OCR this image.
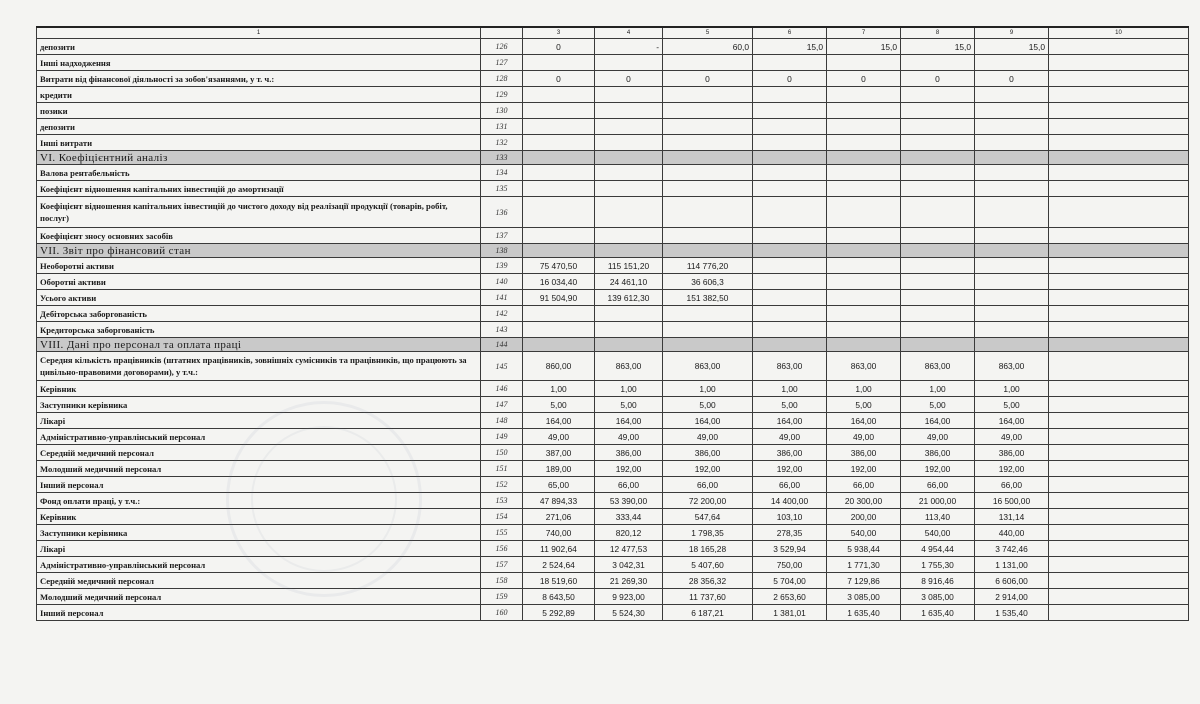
1		3	4	5	6	7	8	9	10
депозити	126	0	-	60,0	15,0	15,0	15,0	15,0	
Інші надходження	127								
Витрати від фінансової діяльності за зобов'язаннями, у т. ч.:	128	0	0	0	0	0	0	0	
кредити	129								
позики	130								
депозити	131								
Інші витрати	132								
VI. Коефіцієнтний аналіз	133								
Валова рентабельність	134								
Коефіцієнт відношення капітальних інвестицій до амортизації	135								
Коефіцієнт відношення капітальних інвестицій до чистого доходу від реалізації продукції (товарів, робіт, послуг)	136								
Коефіцієнт зносу основних засобів	137								
VII. Звіт про фінансовий стан	138								
Необоротні активи	139	75 470,50	115 151,20	114 776,20					
Оборотні активи	140	16 034,40	24 461,10	36 606,3					
Усього активи	141	91 504,90	139 612,30	151 382,50					
Дебіторська заборгованість	142								
Кредиторська заборгованість	143								
VIII. Дані про персонал та оплата праці	144								
Середня кількість працівників (штатних працівників, зовнішніх сумісників та працівників, що працюють за цивільно-правовими договорами), у т.ч.:	145	860,00	863,00	863,00	863,00	863,00	863,00	863,00	
Керівник	146	1,00	1,00	1,00	1,00	1,00	1,00	1,00	
Заступники керівника	147	5,00	5,00	5,00	5,00	5,00	5,00	5,00	
Лікарі	148	164,00	164,00	164,00	164,00	164,00	164,00	164,00	
Адміністративно-управлінський персонал	149	49,00	49,00	49,00	49,00	49,00	49,00	49,00	
Середній медичний персонал	150	387,00	386,00	386,00	386,00	386,00	386,00	386,00	
Молодший медичний персонал	151	189,00	192,00	192,00	192,00	192,00	192,00	192,00	
Інший персонал	152	65,00	66,00	66,00	66,00	66,00	66,00	66,00	
Фонд оплати праці, у т.ч.:	153	47 894,33	53 390,00	72 200,00	14 400,00	20 300,00	21 000,00	16 500,00	
Керівник	154	271,06	333,44	547,64	103,10	200,00	113,40	131,14	
Заступники керівника	155	740,00	820,12	1 798,35	278,35	540,00	540,00	440,00	
Лікарі	156	11 902,64	12 477,53	18 165,28	3 529,94	5 938,44	4 954,44	3 742,46	
Адміністративно-управлінський персонал	157	2 524,64	3 042,31	5 407,60	750,00	1 771,30	1 755,30	1 131,00	
Середній медичний персонал	158	18 519,60	21 269,30	28 356,32	5 704,00	7 129,86	8 916,46	6 606,00	
Молодший медичний персонал	159	8 643,50	9 923,00	11 737,60	2 653,60	3 085,00	3 085,00	2 914,00	
Інший персонал	160	5 292,89	5 524,30	6 187,21	1 381,01	1 635,40	1 635,40	1 535,40	
